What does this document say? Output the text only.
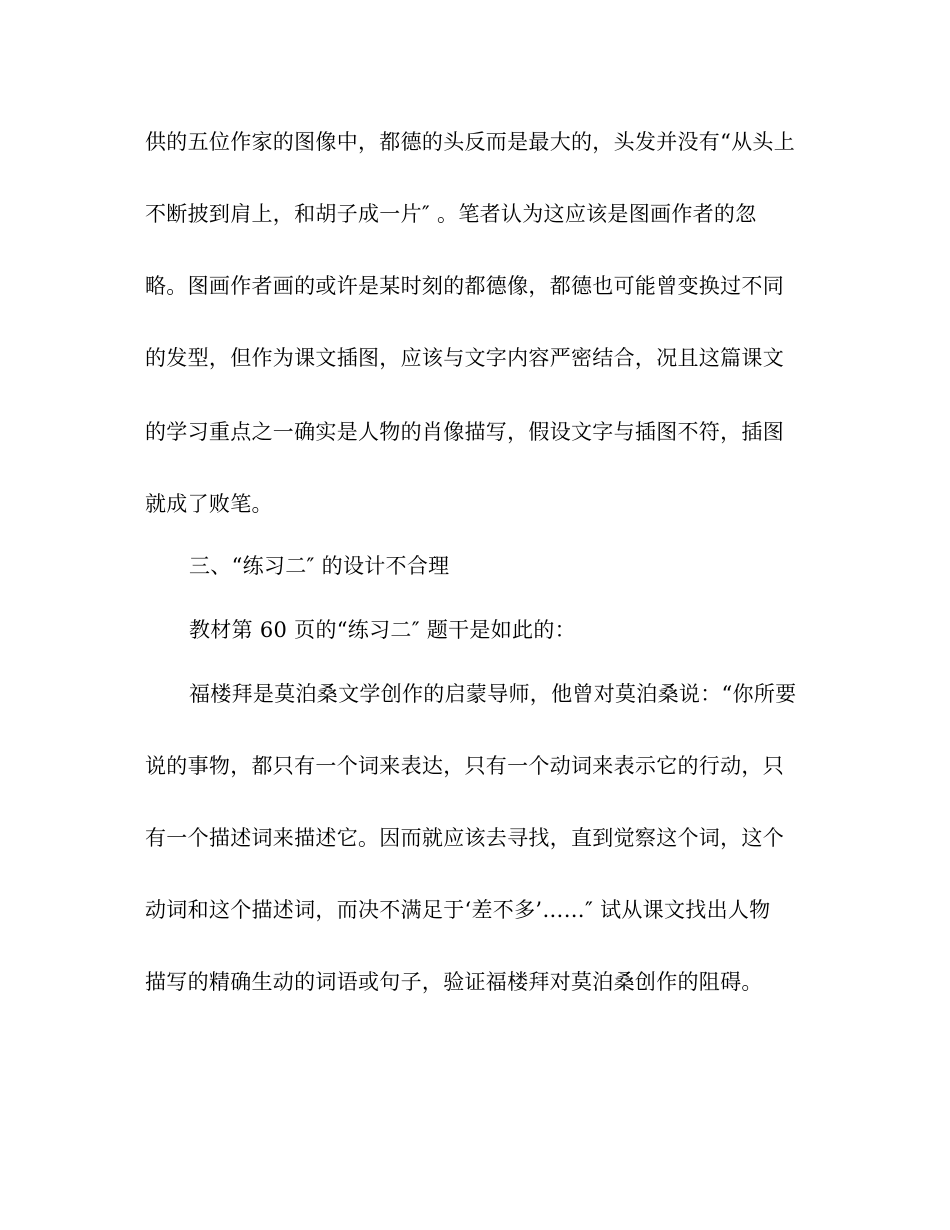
供的五位作家的图像中，都德的头反而是最大的，头发并没有“从头上
不断披到肩上，和胡子成一片″ 。笔者认为这应该是图画作者的忽
略。图画作者画的或许是某时刻的都德像，都德也可能曾变换过不同
的发型，但作为课文插图，应该与文字内容严密结合，况且这篇课文
的学习重点之一确实是人物的肖像描写，假设文字与插图不符，插图
就成了败笔。
三、“练习二″ 的设计不合理
教材第 60 页的“练习二″ 题干是如此的：
福楼拜是莫泊桑文学创作的启蒙导师，他曾对莫泊桑说：“你所要
说的事物，都只有一个词来表达，只有一个动词来表示它的行动，只
有一个描述词来描述它。因而就应该去寻找，直到觉察这个词，这个
动词和这个描述词，而决不满足于‘差不多’……″ 试从课文找出人物
描写的精确生动的词语或句子，验证福楼拜对莫泊桑创作的阻碍。
